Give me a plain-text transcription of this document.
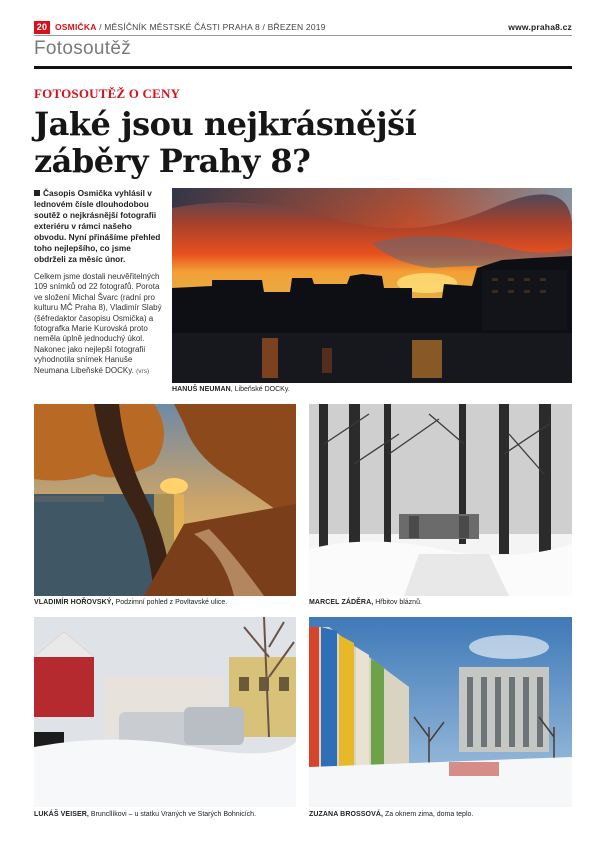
20 OSMIČKA / MĚSÍČNÍK MĚSTSKÉ ČÁSTI PRAHA 8 / BŘEZEN 2019	www.praha8.cz
Fotosoutěž
FOTOSOUTĚŽ O CENY
Jaké jsou nejkrásnější
záběry Prahy 8?

Časopis Osmička vyhlásil v lednovém čísle dlouhodobou soutěž o nejkrásnější fotografii exteriéru v rámci našeho obvodu. Nyní přinášíme přehled toho nejlepšího, co jsme obdrželi za měsíc únor.

Celkem jsme dostali neuvěřitelných 109 snímků od 22 fotografů. Porota ve složení Michal Švarc (radní pro kulturu MČ Praha 8), Vladimír Slabý (šéfredaktor časopisu Osmička) a fotografka Marie Kurovská proto neměla úplně jednoduchý úkol. Nakonec jako nejlepší fotografii vyhodnotila snímek Hanuše Neumana Libeňské DOCKy. (vrs)

HANUŠ NEUMAN, Libeňské DOCKy.
VLADIMÍR HOŘOVSKÝ, Podzimní pohled z Povltavské ulice.	MARCEL ZÁDĚRA, Hřbitov bláznů.
LUKÁŠ VEISER, Bruncllíkovi – u statku Vraných ve Starých Bohnicích.	ZUZANA BROSSOVÁ, Za oknem zima, doma teplo.
